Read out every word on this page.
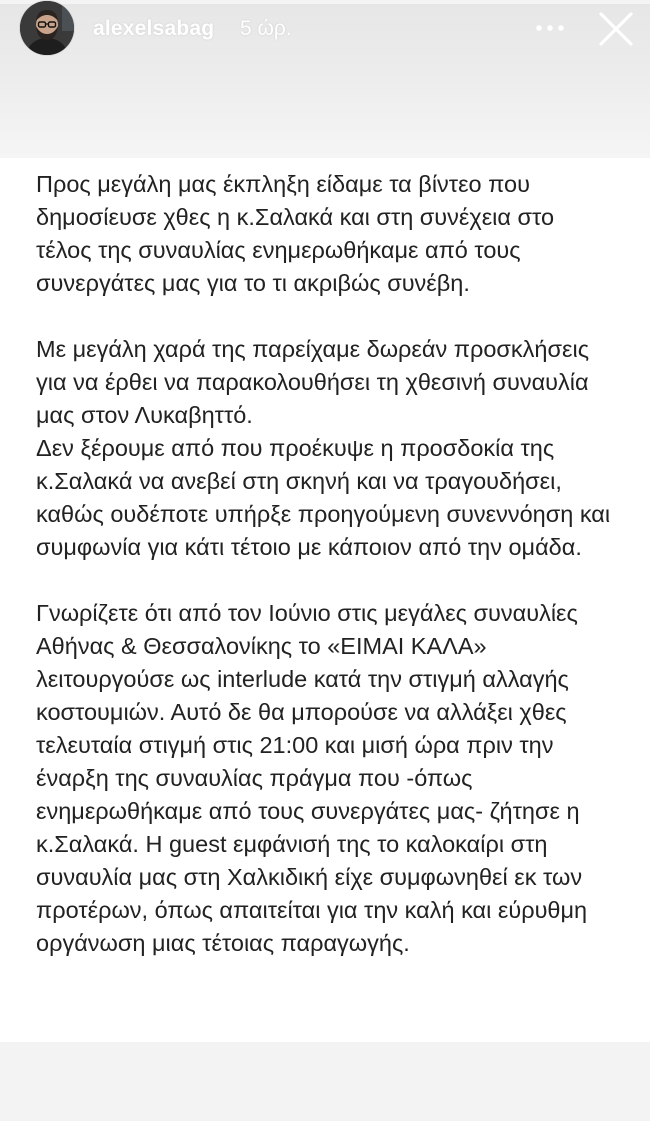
alexelsabag 5 ώρ.
Προς μεγάλη μας έκπληξη είδαμε τα βίντεο που
δημοσίευσε χθες η κ.Σαλακά και στη συνέχεια στο
τέλος της συναυλίας ενημερωθήκαμε από τους
συνεργάτες μας για το τι ακριβώς συνέβη.
Με μεγάλη χαρά της παρείχαμε δωρεάν προσκλήσεις
για να έρθει να παρακολουθήσει τη χθεσινή συναυλία
μας στον Λυκαβηττό.
Δεν ξέρουμε από που προέκυψε η προσδοκία της
κ.Σαλακά να ανεβεί στη σκηνή και να τραγουδήσει,
καθώς ουδέποτε υπήρξε προηγούμενη συνεννόηση και
συμφωνία για κάτι τέτοιο με κάποιον από την ομάδα.
Γνωρίζετε ότι από τον Ιούνιο στις μεγάλες συναυλίες
Αθήνας & Θεσσαλονίκης το «ΕΙΜΑΙ ΚΑΛΑ»
λειτουργούσε ως interlude κατά την στιγμή αλλαγής
κοστουμιών. Αυτό δε θα μπορούσε να αλλάξει χθες
τελευταία στιγμή στις 21:00 και μισή ώρα πριν την
έναρξη της συναυλίας πράγμα που -όπως
ενημερωθήκαμε από τους συνεργάτες μας- ζήτησε η
κ.Σαλακά. Η guest εμφάνισή της το καλοκαίρι στη
συναυλία μας στη Χαλκιδική είχε συμφωνηθεί εκ των
προτέρων, όπως απαιτείται για την καλή και εύρυθμη
οργάνωση μιας τέτοιας παραγωγής.
